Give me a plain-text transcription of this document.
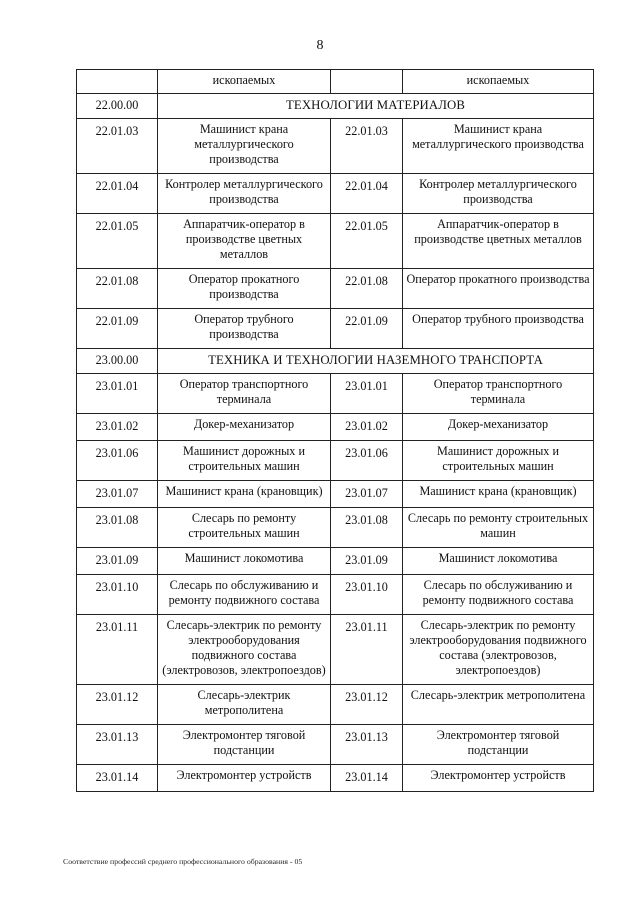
8
	ископаемых		ископаемых
22.00.00	ТЕХНОЛОГИИ МАТЕРИАЛОВ		
22.01.03	Машинист крана металлургического производства	22.01.03	Машинист крана металлургического производства
22.01.04	Контролер металлургического производства	22.01.04	Контролер металлургического производства
22.01.05	Аппаратчик-оператор в производстве цветных металлов	22.01.05	Аппаратчик-оператор в производстве цветных металлов
22.01.08	Оператор прокатного производства	22.01.08	Оператор прокатного производства
22.01.09	Оператор трубного производства	22.01.09	Оператор трубного производства
23.00.00	ТЕХНИКА И ТЕХНОЛОГИИ НАЗЕМНОГО ТРАНСПОРТА		
23.01.01	Оператор транспортного терминала	23.01.01	Оператор транспортного терминала
23.01.02	Докер-механизатор	23.01.02	Докер-механизатор
23.01.06	Машинист дорожных и строительных машин	23.01.06	Машинист дорожных и строительных машин
23.01.07	Машинист крана (крановщик)	23.01.07	Машинист крана (крановщик)
23.01.08	Слесарь по ремонту строительных машин	23.01.08	Слесарь по ремонту строительных машин
23.01.09	Машинист локомотива	23.01.09	Машинист локомотива
23.01.10	Слесарь по обслуживанию и ремонту подвижного состава	23.01.10	Слесарь по обслуживанию и ремонту подвижного состава
23.01.11	Слесарь-электрик по ремонту электрооборудования подвижного состава (электровозов, электропоездов)	23.01.11	Слесарь-электрик по ремонту электрооборудования подвижного состава (электровозов, электропоездов)
23.01.12	Слесарь-электрик метрополитена	23.01.12	Слесарь-электрик метрополитена
23.01.13	Электромонтер тяговой подстанции	23.01.13	Электромонтер тяговой подстанции
23.01.14	Электромонтер устройств	23.01.14	Электромонтер устройств
Соответствие профессий среднего профессионального образования - 05
